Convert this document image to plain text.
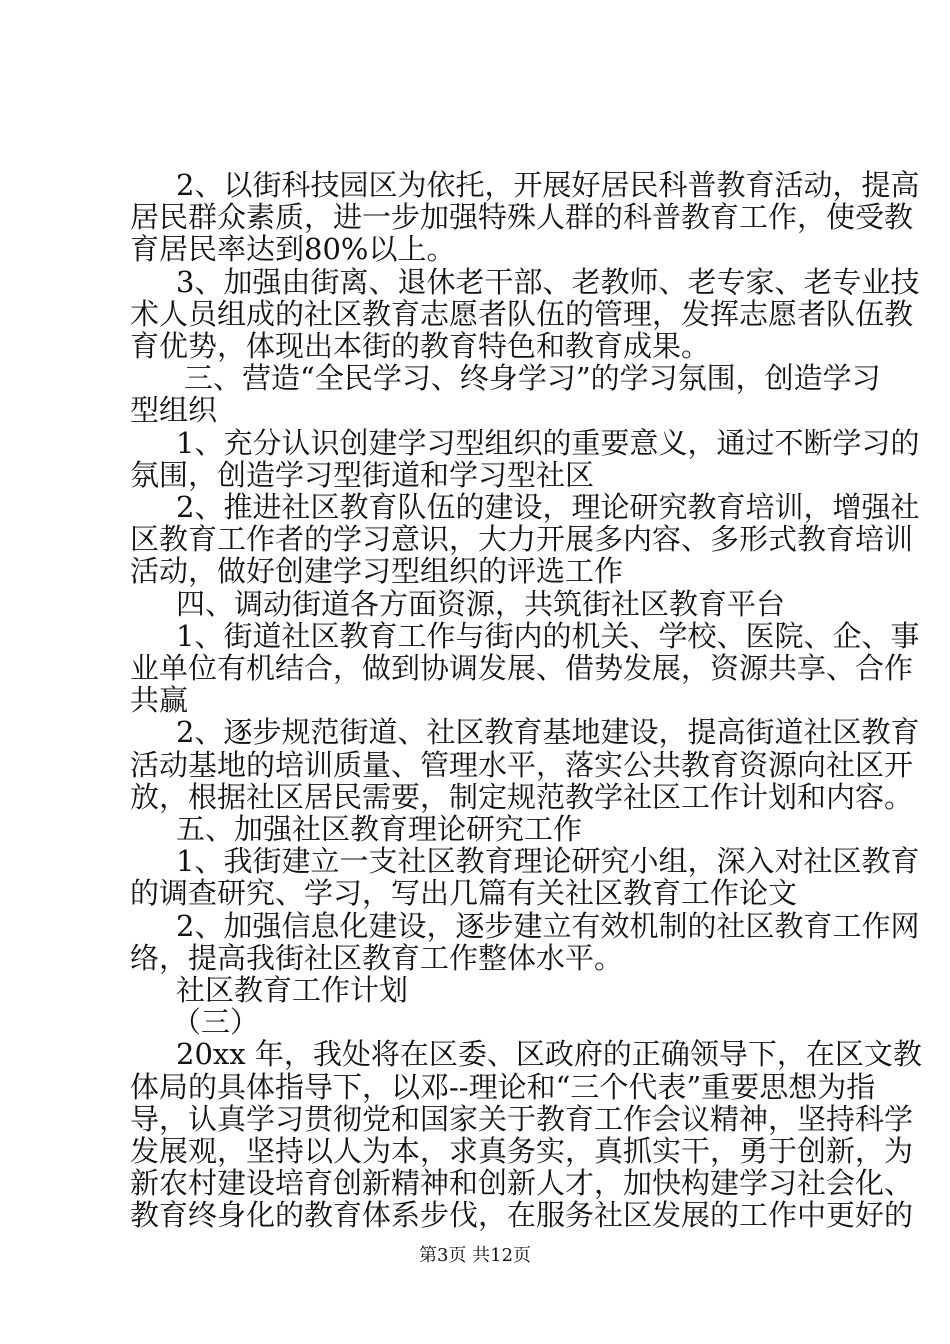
2、以街科技园区为依托，开展好居民科普教育活动，提高
居民群众素质，进一步加强特殊人群的科普教育工作，使受教
育居民率达到80%以上。
3、加强由街离、退休老干部、老教师、老专家、老专业技
术人员组成的社区教育志愿者队伍的管理，发挥志愿者队伍教
育优势，体现出本街的教育特色和教育成果。
三、营造“全民学习、终身学习”的学习氛围，创造学习
型组织
1、充分认识创建学习型组织的重要意义，通过不断学习的
氛围，创造学习型街道和学习型社区
2、推进社区教育队伍的建设，理论研究教育培训，增强社
区教育工作者的学习意识，大力开展多内容、多形式教育培训
活动，做好创建学习型组织的评选工作
四、调动街道各方面资源，共筑街社区教育平台
1、街道社区教育工作与街内的机关、学校、医院、企、事
业单位有机结合，做到协调发展、借势发展，资源共享、合作
共赢
2、逐步规范街道、社区教育基地建设，提高街道社区教育
活动基地的培训质量、管理水平，落实公共教育资源向社区开
放，根据社区居民需要，制定规范教学社区工作计划和内容。
五、加强社区教育理论研究工作
1、我街建立一支社区教育理论研究小组，深入对社区教育
的调查研究、学习，写出几篇有关社区教育工作论文
2、加强信息化建设，逐步建立有效机制的社区教育工作网
络，提高我街社区教育工作整体水平。
社区教育工作计划
（三）
20xx 年，我处将在区委、区政府的正确领导下，在区文教
体局的具体指导下，以邓--理论和“三个代表”重要思想为指
导，认真学习贯彻党和国家关于教育工作会议精神，坚持科学
发展观，坚持以人为本，求真务实，真抓实干，勇于创新，为
新农村建设培育创新精神和创新人才，加快构建学习社会化、
教育终身化的教育体系步伐，在服务社区发展的工作中更好的
第3页 共12页
